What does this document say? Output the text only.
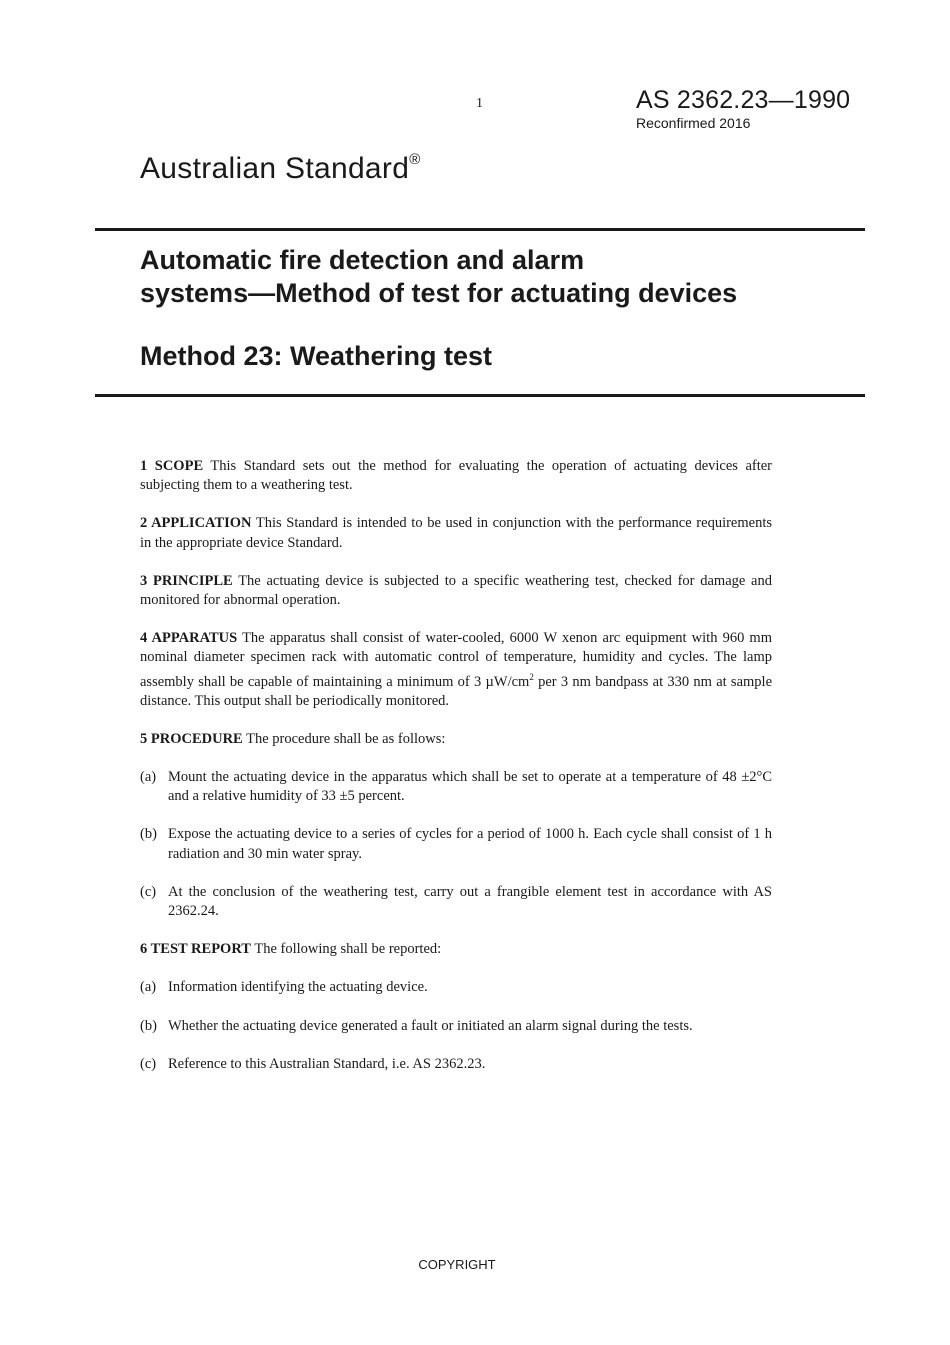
1	AS 2362.23—1990
Reconfirmed 2016
Australian Standard®
Automatic fire detection and alarm
systems—Method of test for actuating devices
Method 23: Weathering test

1 SCOPE This Standard sets out the method for evaluating the operation of actuating devices after subjecting them to a weathering test.

2 APPLICATION This Standard is intended to be used in conjunction with the performance requirements in the appropriate device Standard.

3 PRINCIPLE The actuating device is subjected to a specific weathering test, checked for damage and monitored for abnormal operation.

4 APPARATUS The apparatus shall consist of water-cooled, 6000 W xenon arc equipment with 960 mm nominal diameter specimen rack with automatic control of temperature, humidity and cycles. The lamp assembly shall be capable of maintaining a minimum of 3 $\mu W/cm^2$ per 3 nm bandpass at 330 nm at sample distance. This output shall be periodically monitored.

5 PROCEDURE The procedure shall be as follows:

(a) Mount the actuating device in the apparatus which shall be set to operate at a temperature of 48 ±2°C and a relative humidity of 33 ±5 percent.
(b) Expose the actuating device to a series of cycles for a period of 1000 h. Each cycle shall consist of 1 h radiation and 30 min water spray.
(c) At the conclusion of the weathering test, carry out a frangible element test in accordance with AS 2362.24.

6 TEST REPORT The following shall be reported:

(a) Information identifying the actuating device.
(b) Whether the actuating device generated a fault or initiated an alarm signal during the tests.
(c) Reference to this Australian Standard, i.e. AS 2362.23.
COPYRIGHT
